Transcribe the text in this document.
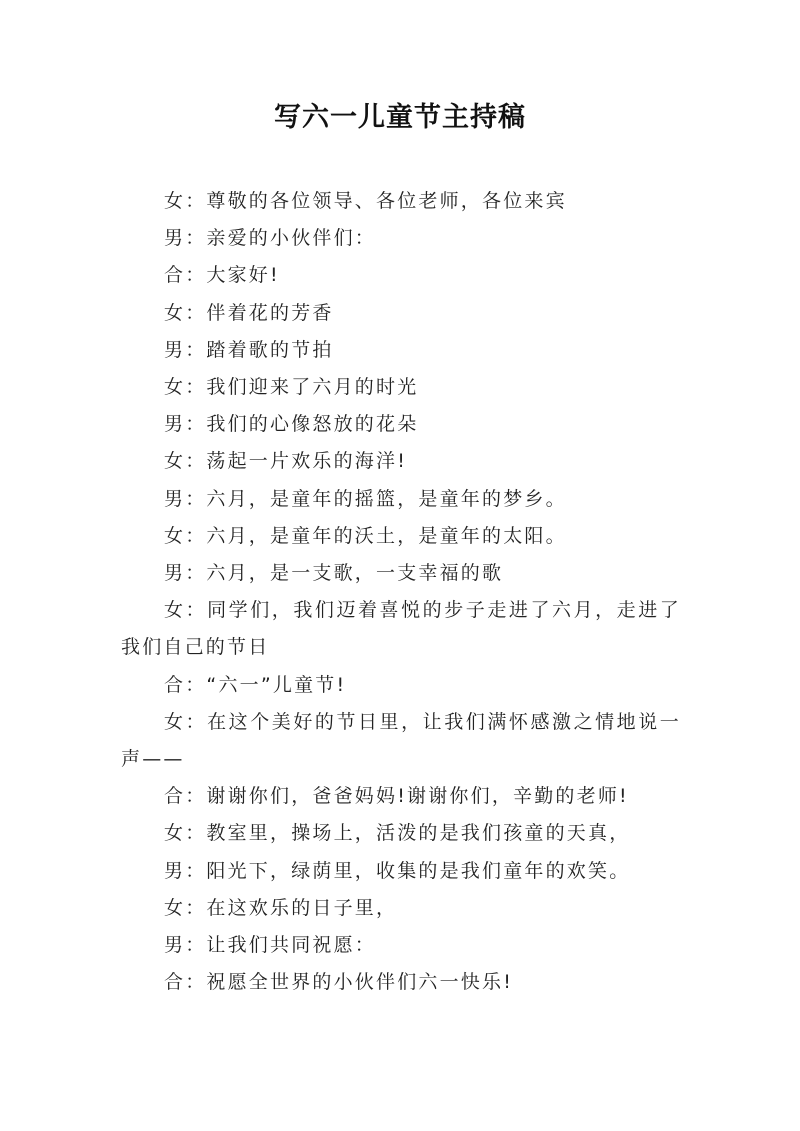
写六一儿童节主持稿

女：尊敬的各位领导、各位老师，各位来宾

男：亲爱的小伙伴们：

合：大家好!

女：伴着花的芳香

男：踏着歌的节拍

女：我们迎来了六月的时光

男：我们的心像怒放的花朵

女：荡起一片欢乐的海洋!

男：六月，是童年的摇篮，是童年的梦乡。

女：六月，是童年的沃土，是童年的太阳。

男：六月，是一支歌，一支幸福的歌

女：同学们，我们迈着喜悦的步子走进了六月，走进了我们自己的节日

合：“六一”儿童节!

女：在这个美好的节日里，让我们满怀感激之情地说一声——

合：谢谢你们，爸爸妈妈!谢谢你们，辛勤的老师!

女：教室里，操场上，活泼的是我们孩童的天真，

男：阳光下，绿荫里，收集的是我们童年的欢笑。

女：在这欢乐的日子里，

男：让我们共同祝愿：

合：祝愿全世界的小伙伴们六一快乐!
